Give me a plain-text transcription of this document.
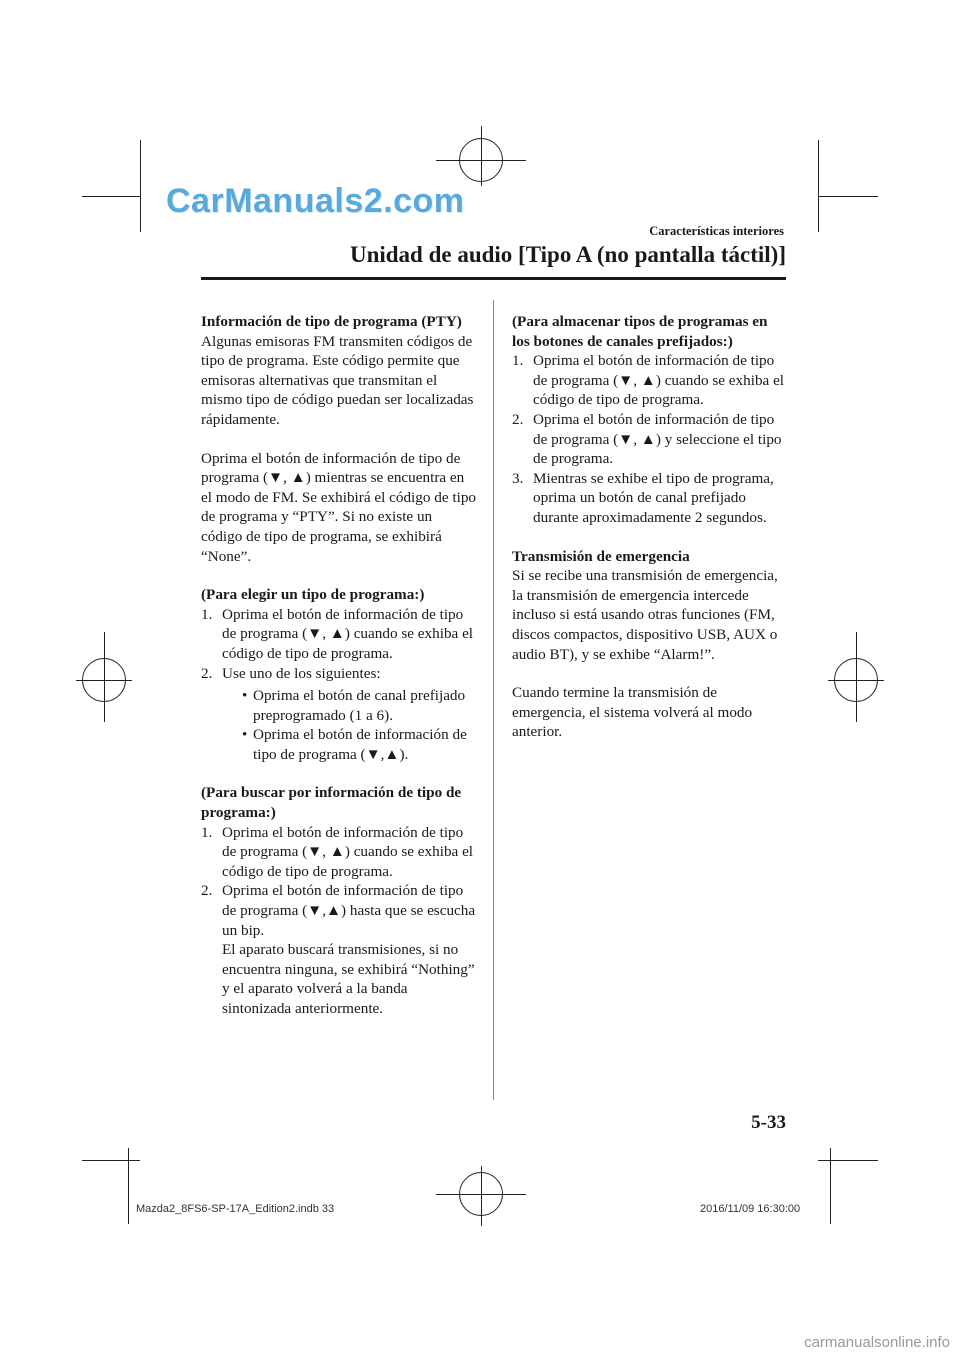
CarManuals2.com
Características interiores
Unidad de audio [Tipo A (no pantalla táctil)]

Información de tipo de programa (PTY)

Algunas emisoras FM transmiten códigos de tipo de programa. Este código permite que emisoras alternativas que transmitan el mismo tipo de código puedan ser localizadas rápidamente.

Oprima el botón de información de tipo de programa (▼, ▲) mientras se encuentra en el modo de FM. Se exhibirá el código de tipo de programa y “PTY”. Si no existe un código de tipo de programa, se exhibirá “None”.

(Para elegir un tipo de programa:)

1. Oprima el botón de información de tipo de programa (▼, ▲) cuando se exhiba el código de tipo de programa.
2. Use uno de los siguientes:
• Oprima el botón de canal prefijado preprogramado (1 a 6).
• Oprima el botón de información de tipo de programa (▼,▲).

(Para buscar por información de tipo de programa:)

1. Oprima el botón de información de tipo de programa (▼, ▲) cuando se exhiba el código de tipo de programa.
2. Oprima el botón de información de tipo de programa (▼,▲) hasta que se escucha un bip.
El aparato buscará transmisiones, si no encuentra ninguna, se exhibirá “Nothing” y el aparato volverá a la banda sintonizada anteriormente.

(Para almacenar tipos de programas en los botones de canales prefijados:)

1. Oprima el botón de información de tipo de programa (▼, ▲) cuando se exhiba el código de tipo de programa.
2. Oprima el botón de información de tipo de programa (▼, ▲) y seleccione el tipo de programa.
3. Mientras se exhibe el tipo de programa, oprima un botón de canal prefijado durante aproximadamente 2 segundos.

Transmisión de emergencia

Si se recibe una transmisión de emergencia, la transmisión de emergencia intercede incluso si está usando otras funciones (FM, discos compactos, dispositivo USB, AUX o audio BT), y se exhibe “Alarm!”.

Cuando termine la transmisión de emergencia, el sistema volverá al modo anterior.

5-33
Mazda2_8FS6-SP-17A_Edition2.indb 33	2016/11/09 16:30:00
carmanualsonline.info
